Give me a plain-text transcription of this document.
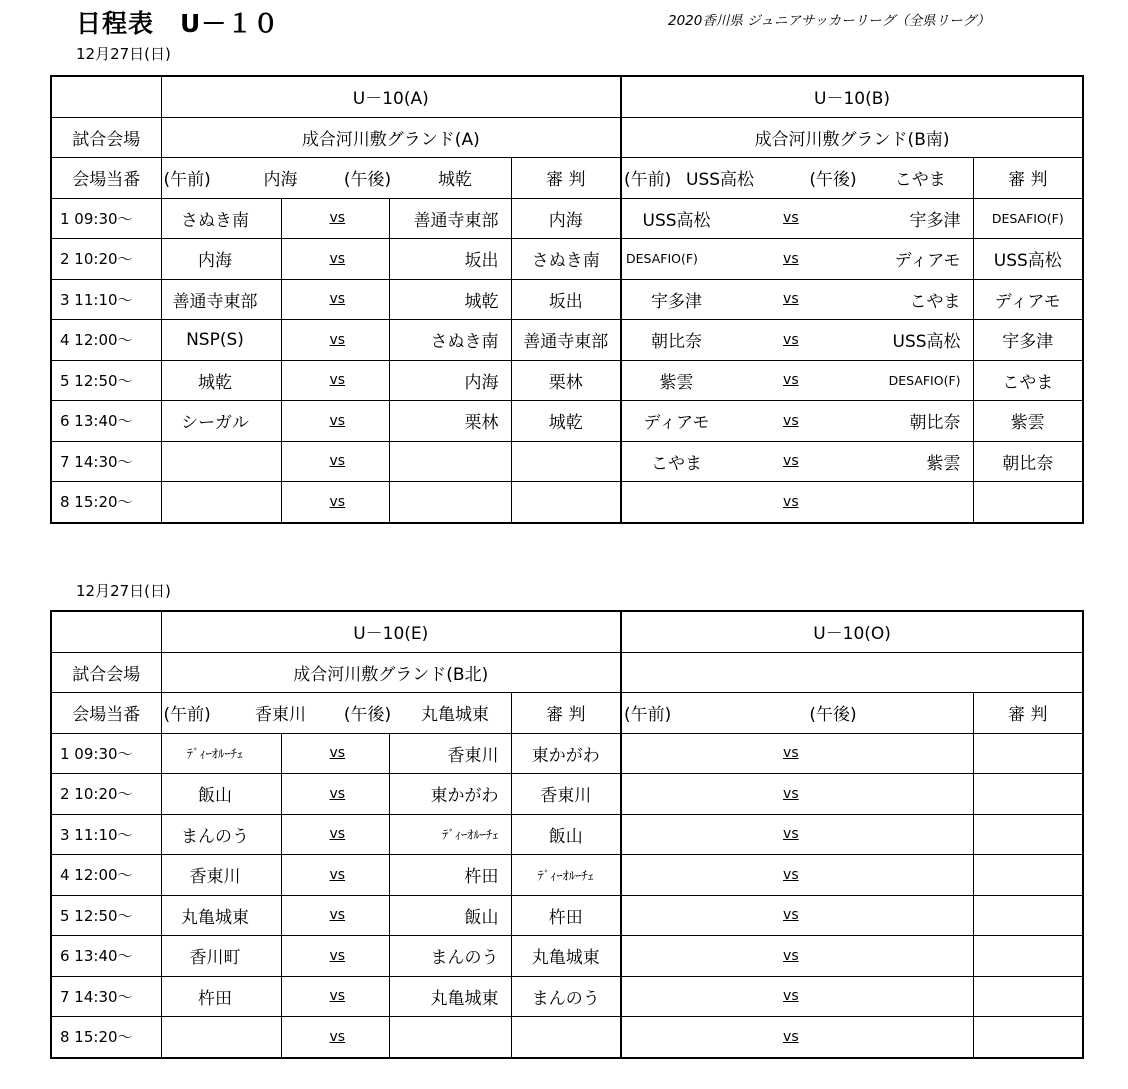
日程表　U－１０	2020香川県 ジュニアサッカーリーグ（全県リーグ）
12月27日(日)
	U－10(A)				U－10(B)			
試合会場	成合河川敷グランド(A)				成合河川敷グランド(B南)			
会場当番	(午前) 内海 (午後) 城乾			審 判	(午前) USS高松 (午後) こやま			審 判
1 09:30～	さぬき南	vs	善通寺東部	内海	USS高松	vs	宇多津	DESAFIO(F)
2 10:20～	内海	vs	坂出	さぬき南	DESAFIO(F)	vs	ディアモ	USS高松
3 11:10～	善通寺東部	vs	城乾	坂出	宇多津	vs	こやま	ディアモ
4 12:00～	NSP(S)	vs	さぬき南	善通寺東部	朝比奈	vs	USS高松	宇多津
5 12:50～	城乾	vs	内海	栗林	紫雲	vs	DESAFIO(F)	こやま
6 13:40～	シーガル	vs	栗林	城乾	ディアモ	vs	朝比奈	紫雲
7 14:30～		vs			こやま	vs	紫雲	朝比奈
8 15:20～		vs				vs		
12月27日(日)
	U－10(E)				U－10(O)			
試合会場	成合河川敷グランド(B北)							
会場当番	(午前) 香東川 (午後) 丸亀城東			審 判	(午前) (午後)			審 判
1 09:30～	ﾃﾞｨｰｵﾙｰﾁｪ	vs	香東川	東かがわ		vs		
2 10:20～	飯山	vs	東かがわ	香東川		vs		
3 11:10～	まんのう	vs	ﾃﾞｨｰｵﾙｰﾁｪ	飯山		vs		
4 12:00～	香東川	vs	杵田	ﾃﾞｨｰｵﾙｰﾁｪ		vs		
5 12:50～	丸亀城東	vs	飯山	杵田		vs		
6 13:40～	香川町	vs	まんのう	丸亀城東		vs		
7 14:30～	杵田	vs	丸亀城東	まんのう		vs		
8 15:20～		vs				vs		
